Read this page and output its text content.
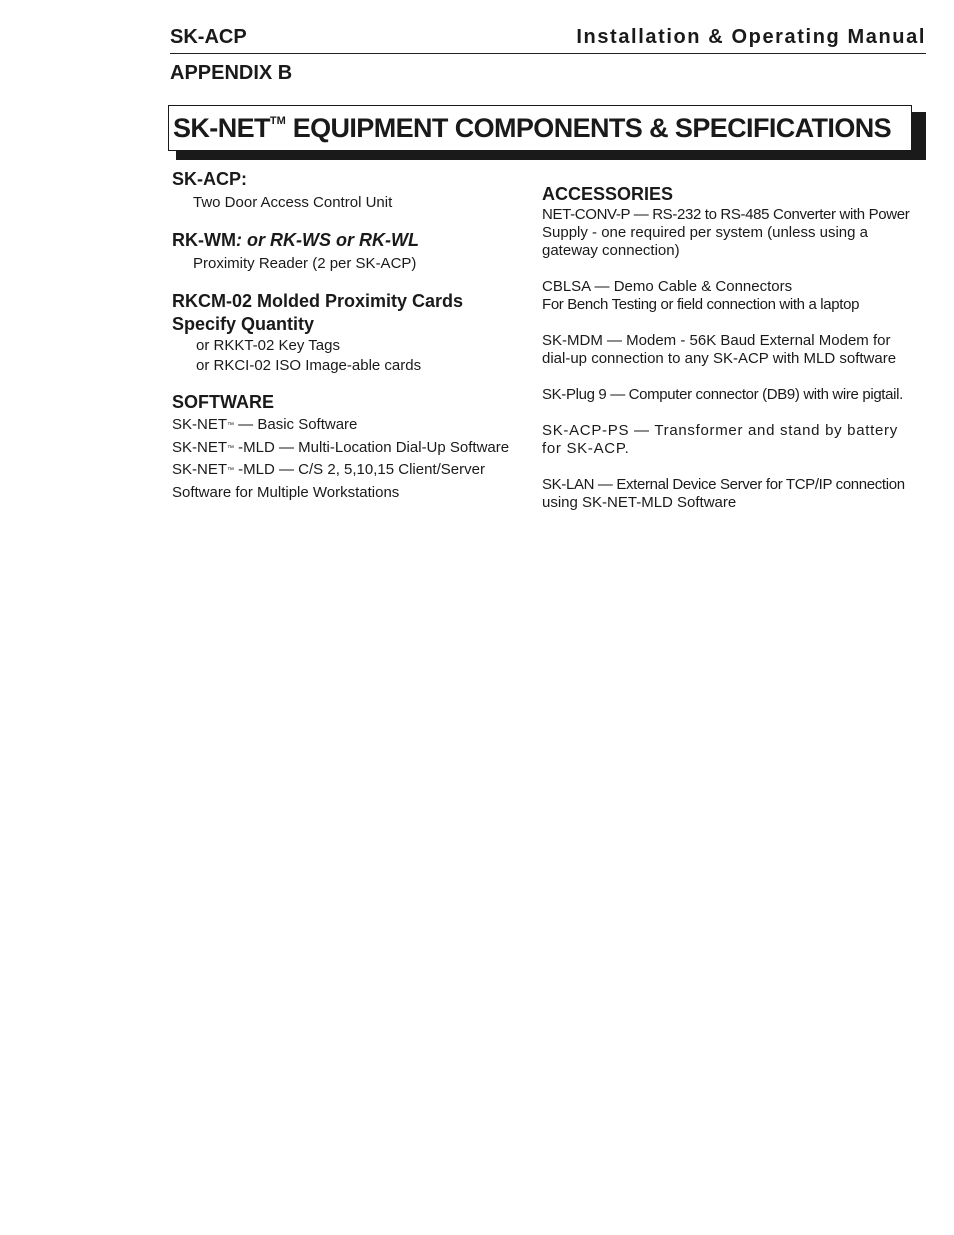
SK-ACP	Installation & Operating Manual
APPENDIX B
SK-NET™ EQUIPMENT COMPONENTS & SPECIFICATIONS
SK-ACP:
Two Door Access Control Unit
RK-WM: or RK-WS or RK-WL
Proximity Reader (2 per SK-ACP)
RKCM-02 Molded Proximity Cards
Specify Quantity
or RKKT-02 Key Tags
or RKCI-02 ISO Image-able cards
SOFTWARE
SK-NET™ — Basic Software
SK-NET™ -MLD — Multi-Location Dial-Up Software
SK-NET™ -MLD — C/S 2, 5,10,15 Client/Server
Software for Multiple Workstations
ACCESSORIES
NET-CONV-P — RS-232 to RS-485 Converter with Power
Supply - one required per system (unless using a
gateway connection)
CBLSA — Demo Cable & Connectors
For Bench Testing or field connection with a laptop
SK-MDM — Modem - 56K Baud External Modem for
dial-up connection to any SK-ACP with MLD software
SK-Plug 9 — Computer connector (DB9) with wire pigtail.
SK-ACP-PS — Transformer and stand by battery
for SK-ACP.
SK-LAN — External Device Server for TCP/IP connection
using SK-NET-MLD Software
